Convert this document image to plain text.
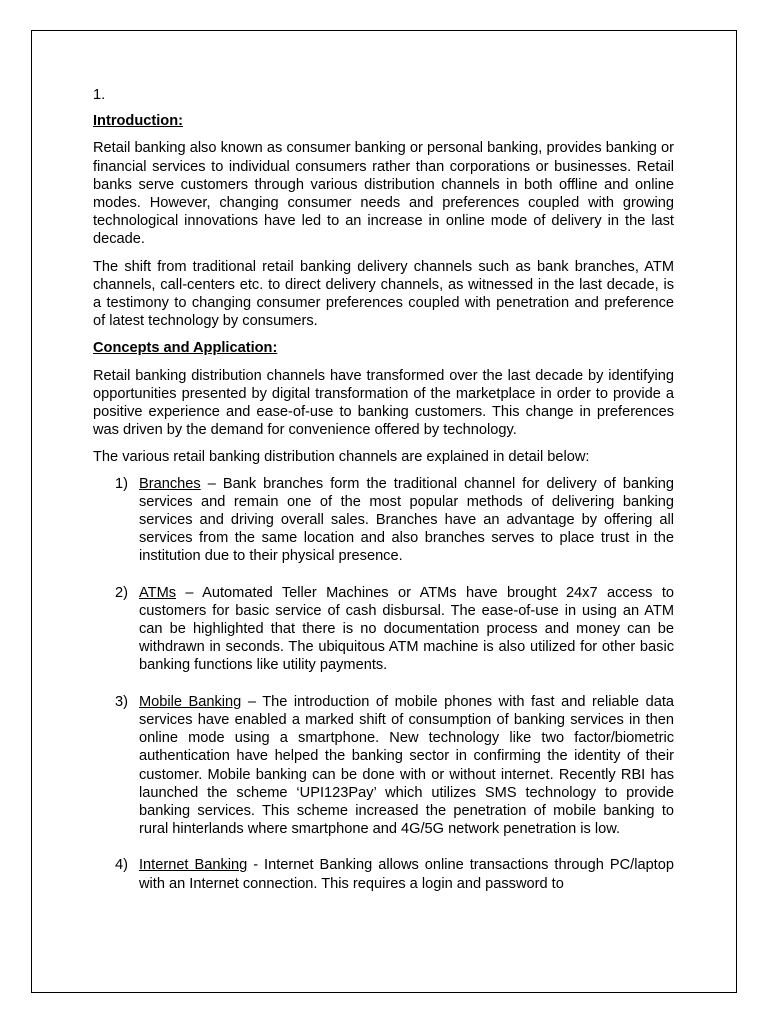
1.
Introduction:

Retail banking also known as consumer banking or personal banking, provides banking or financial services to individual consumers rather than corporations or businesses. Retail banks serve customers through various distribution channels in both offline and online modes. However, changing consumer needs and preferences coupled with growing technological innovations have led to an increase in online mode of delivery in the last decade.

The shift from traditional retail banking delivery channels such as bank branches, ATM channels, call-centers etc. to direct delivery channels, as witnessed in the last decade, is a testimony to changing consumer preferences coupled with penetration and preference of latest technology by consumers.

Concepts and Application:

Retail banking distribution channels have transformed over the last decade by identifying opportunities presented by digital transformation of the marketplace in order to provide a positive experience and ease-of-use to banking customers. This change in preferences was driven by the demand for convenience offered by technology.

The various retail banking distribution channels are explained in detail below:

1) Branches – Bank branches form the traditional channel for delivery of banking services and remain one of the most popular methods of delivering banking services and driving overall sales. Branches have an advantage by offering all services from the same location and also branches serves to place trust in the institution due to their physical presence.
2) ATMs – Automated Teller Machines or ATMs have brought 24x7 access to customers for basic service of cash disbursal. The ease-of-use in using an ATM can be highlighted that there is no documentation process and money can be withdrawn in seconds. The ubiquitous ATM machine is also utilized for other basic banking functions like utility payments.
3) Mobile Banking – The introduction of mobile phones with fast and reliable data services have enabled a marked shift of consumption of banking services in then online mode using a smartphone. New technology like two factor/biometric authentication have helped the banking sector in confirming the identity of their customer. Mobile banking can be done with or without internet. Recently RBI has launched the scheme ‘UPI123Pay’ which utilizes SMS technology to provide banking services. This scheme increased the penetration of mobile banking to rural hinterlands where smartphone and 4G/5G network penetration is low.
4) Internet Banking - Internet Banking allows online transactions through PC/laptop with an Internet connection. This requires a login and password to
